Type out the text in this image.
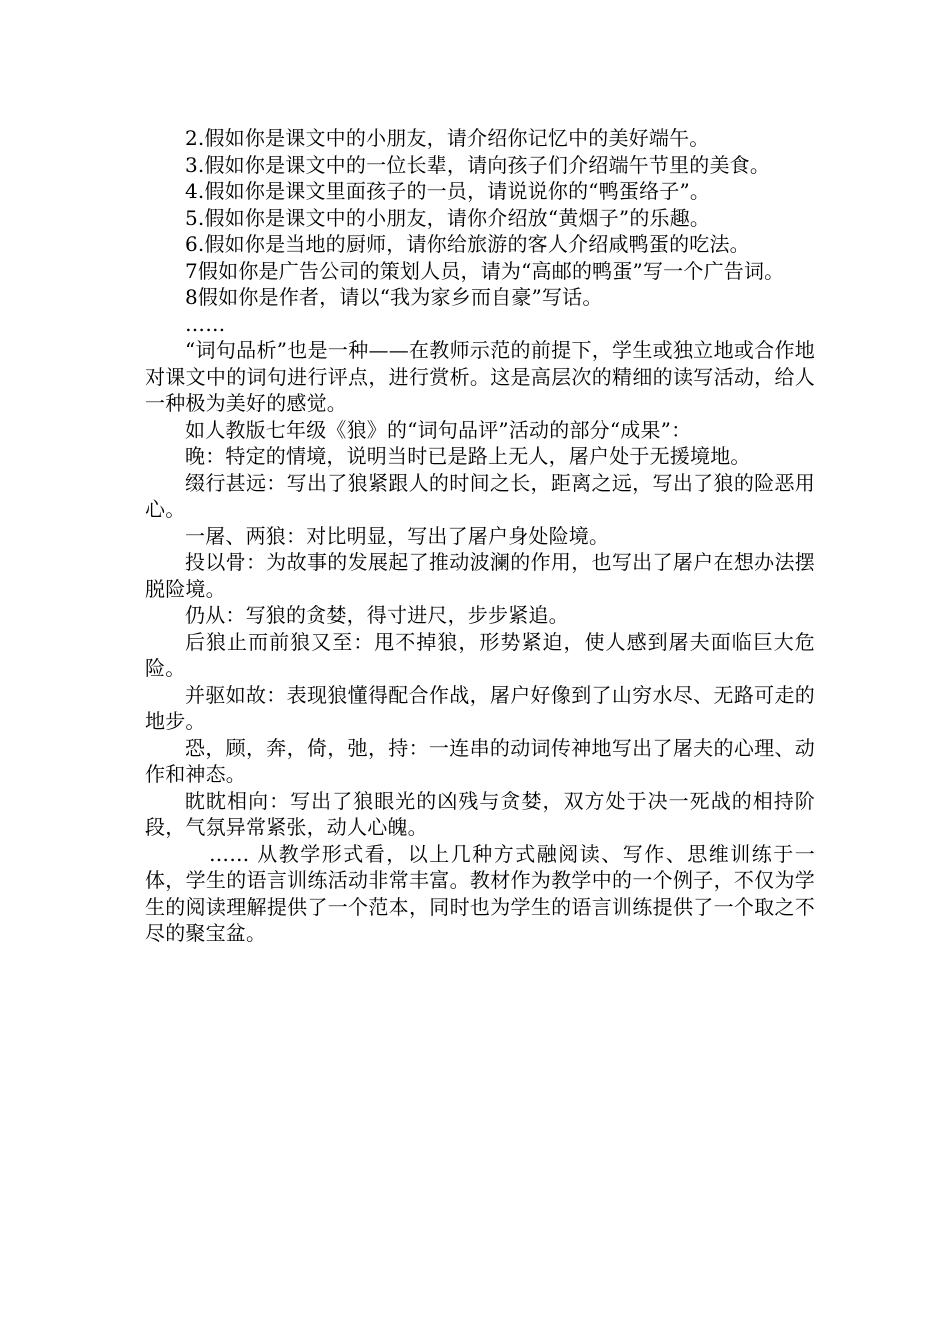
2.假如你是课文中的小朋友，请介绍你记忆中的美好端午。

3.假如你是课文中的一位长辈，请向孩子们介绍端午节里的美食。

4.假如你是课文里面孩子的一员，请说说你的“鸭蛋络子”。

5.假如你是课文中的小朋友，请你介绍放“黄烟子”的乐趣。

6.假如你是当地的厨师，请你给旅游的客人介绍咸鸭蛋的吃法。

7假如你是广告公司的策划人员，请为“高邮的鸭蛋”写一个广告词。

8假如你是作者，请以“我为家乡而自豪”写话。

……

“词句品析”也是一种——在教师示范的前提下，学生或独立地或合作地对课文中的词句进行评点，进行赏析。这是高层次的精细的读写活动，给人一种极为美好的感觉。

如人教版七年级《狼》的“词句品评”活动的部分“成果”：

晚：特定的情境，说明当时已是路上无人，屠户处于无援境地。

缀行甚远：写出了狼紧跟人的时间之长，距离之远，写出了狼的险恶用心。

一屠、两狼：对比明显，写出了屠户身处险境。

投以骨：为故事的发展起了推动波澜的作用，也写出了屠户在想办法摆脱险境。

仍从：写狼的贪婪，得寸进尺，步步紧追。

后狼止而前狼又至：甩不掉狼，形势紧迫，使人感到屠夫面临巨大危险。

并驱如故：表现狼懂得配合作战，屠户好像到了山穷水尽、无路可走的地步。

恐，顾，奔，倚，弛，持：一连串的动词传神地写出了屠夫的心理、动作和神态。

眈眈相向：写出了狼眼光的凶残与贪婪，双方处于决一死战的相持阶段，气氛异常紧张，动人心魄。

…… 从教学形式看，以上几种方式融阅读、写作、思维训练于一体，学生的语言训练活动非常丰富。教材作为教学中的一个例子，不仅为学生的阅读理解提供了一个范本，同时也为学生的语言训练提供了一个取之不尽的聚宝盆。
